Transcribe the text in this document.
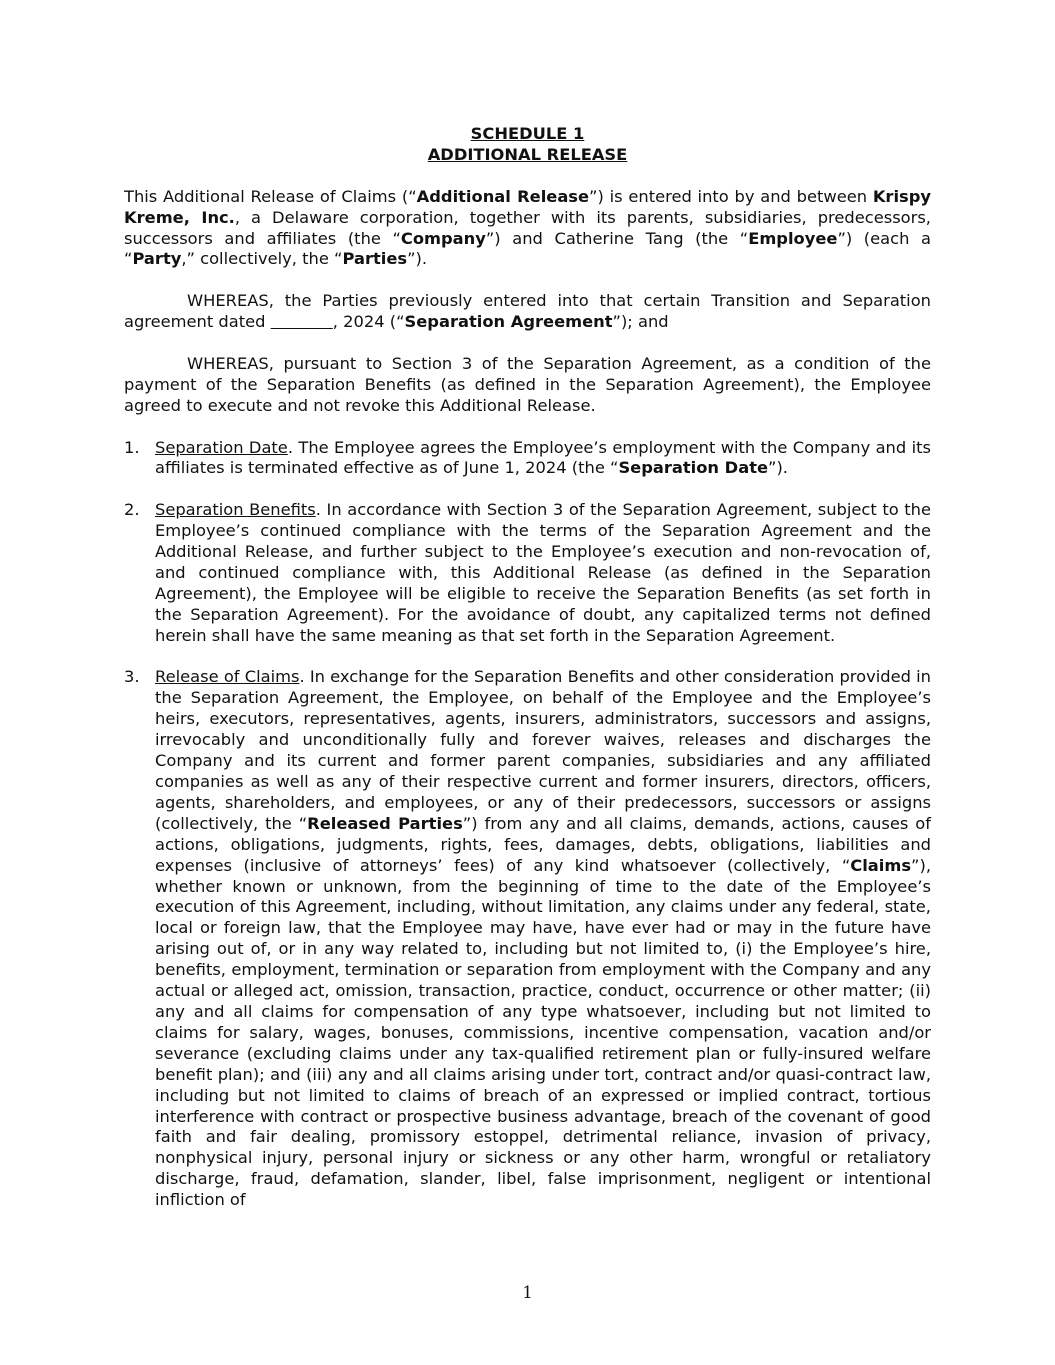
SCHEDULE 1
ADDITIONAL RELEASE

This Additional Release of Claims (“Additional Release”) is entered into by and between Krispy Kreme, Inc., a Delaware corporation, together with its parents, subsidiaries, predecessors, successors and affiliates (the “Company”) and Catherine Tang (the “Employee”) (each a “Party,” collectively, the “Parties”).

WHEREAS, the Parties previously entered into that certain Transition and Separation agreement dated	, 2024 (“Separation Agreement”); and

WHEREAS, pursuant to Section 3 of the Separation Agreement, as a condition of the payment of the Separation Benefits (as defined in the Separation Agreement), the Employee agreed to execute and not revoke this Additional Release.

1. Separation Date. The Employee agrees the Employee’s employment with the Company and its affiliates is terminated effective as of June 1, 2024 (the “Separation Date”).

2. Separation Benefits. In accordance with Section 3 of the Separation Agreement, subject to the Employee’s continued compliance with the terms of the Separation Agreement and the Additional Release, and further subject to the Employee’s execution and non-revocation of, and continued compliance with, this Additional Release (as defined in the Separation Agreement), the Employee will be eligible to receive the Separation Benefits (as set forth in the Separation Agreement). For the avoidance of doubt, any capitalized terms not defined herein shall have the same meaning as that set forth in the Separation Agreement.

3. Release of Claims. In exchange for the Separation Benefits and other consideration provided in the Separation Agreement, the Employee, on behalf of the Employee and the Employee’s heirs, executors, representatives, agents, insurers, administrators, successors and assigns, irrevocably and unconditionally fully and forever waives, releases and discharges the Company and its current and former parent companies, subsidiaries and any affiliated companies as well as any of their respective current and former insurers, directors, officers, agents, shareholders, and employees, or any of their predecessors, successors or assigns (collectively, the “Released Parties”) from any and all claims, demands, actions, causes of actions, obligations, judgments, rights, fees, damages, debts, obligations, liabilities and expenses (inclusive of attorneys’ fees) of any kind whatsoever (collectively, “Claims”), whether known or unknown, from the beginning of time to the date of the Employee’s execution of this Agreement, including, without limitation, any claims under any federal, state, local or foreign law, that the Employee may have, have ever had or may in the future have arising out of, or in any way related to, including but not limited to, (i) the Employee’s hire, benefits, employment, termination or separation from employment with the Company and any actual or alleged act, omission, transaction, practice, conduct, occurrence or other matter; (ii) any and all claims for compensation of any type whatsoever, including but not limited to claims for salary, wages, bonuses, commissions, incentive compensation, vacation and/or severance (excluding claims under any tax-qualified retirement plan or fully-insured welfare benefit plan); and (iii) any and all claims arising under tort, contract and/or quasi-contract law, including but not limited to claims of breach of an expressed or implied contract, tortious interference with contract or prospective business advantage, breach of the covenant of good faith and fair dealing, promissory estoppel, detrimental reliance, invasion of privacy, nonphysical injury, personal injury or sickness or any other harm, wrongful or retaliatory discharge, fraud, defamation, slander, libel, false imprisonment, negligent or intentional infliction of

1
